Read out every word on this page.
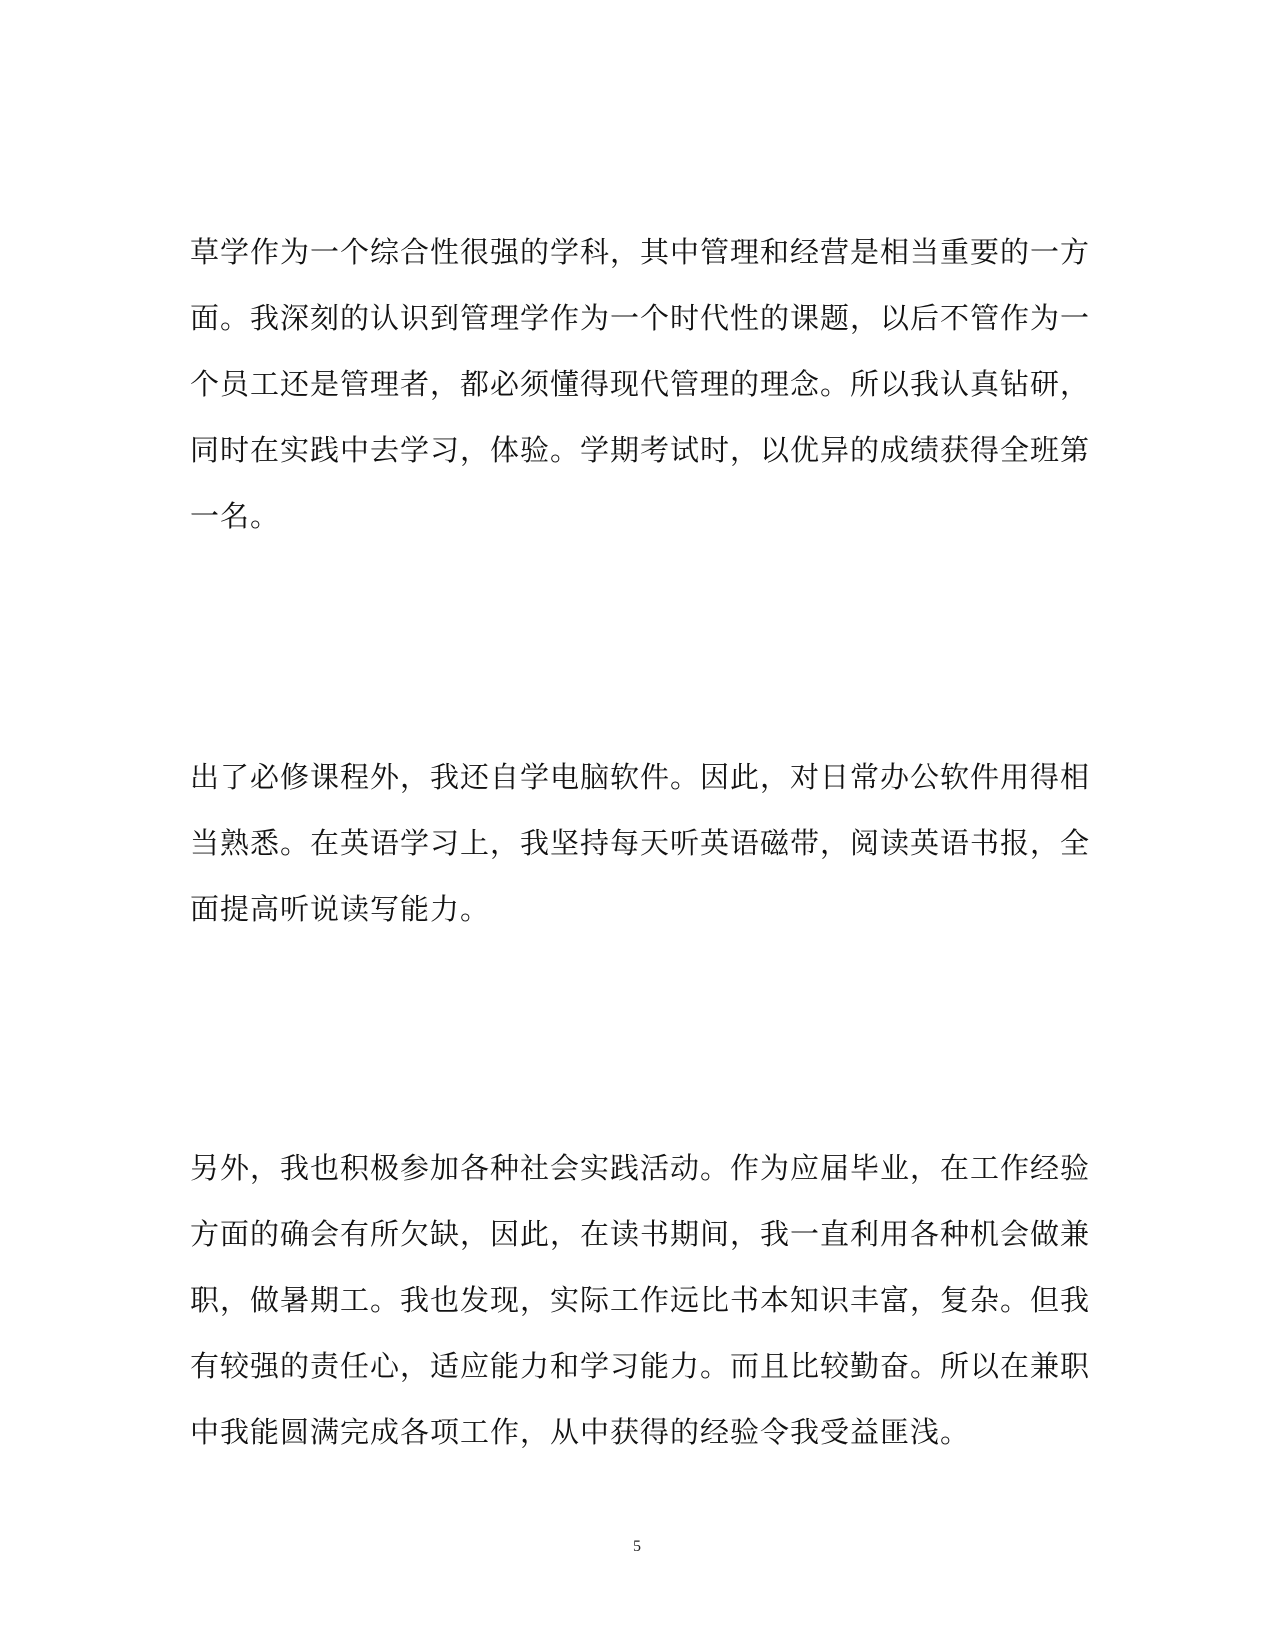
草学作为一个综合性很强的学科，其中管理和经营是相当重要的一方
面。我深刻的认识到管理学作为一个时代性的课题，以后不管作为一
个员工还是管理者，都必须懂得现代管理的理念。所以我认真钻研，
同时在实践中去学习，体验。学期考试时，以优异的成绩获得全班第
一名。
出了必修课程外，我还自学电脑软件。因此，对日常办公软件用得相
当熟悉。在英语学习上，我坚持每天听英语磁带，阅读英语书报，全
面提高听说读写能力。
另外，我也积极参加各种社会实践活动。作为应届毕业，在工作经验
方面的确会有所欠缺，因此，在读书期间，我一直利用各种机会做兼
职，做暑期工。我也发现，实际工作远比书本知识丰富，复杂。但我
有较强的责任心，适应能力和学习能力。而且比较勤奋。所以在兼职
中我能圆满完成各项工作，从中获得的经验令我受益匪浅。
5
